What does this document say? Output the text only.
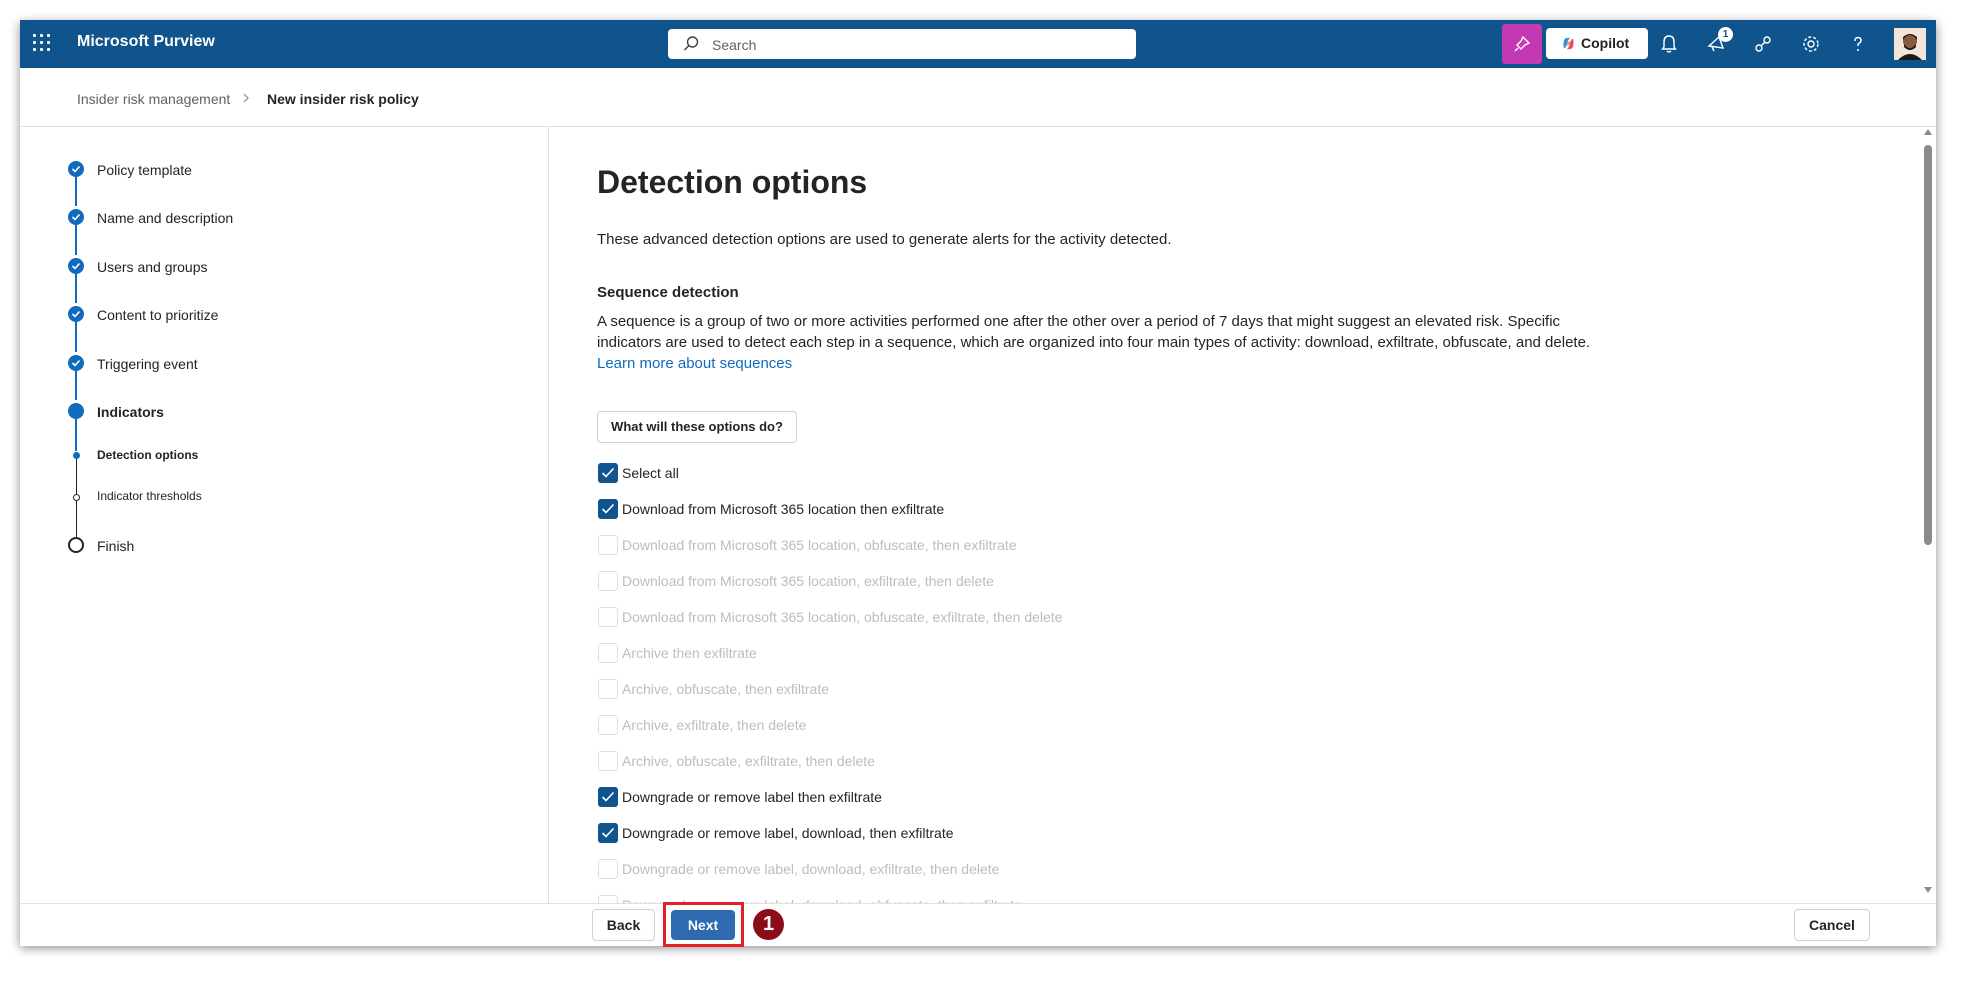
Microsoft Purview
Search	Copilot
1
Insider risk management	New insider risk policy
Policy template
Name and description
Users and groups
Content to prioritize
Triggering event
Indicators
Detection options
Indicator thresholds
Finish
Detection options
These advanced detection options are used to generate alerts for the activity detected.
Sequence detection
A sequence is a group of two or more activities performed one after the other over a period of 7 days that might suggest an elevated risk. Specific indicators are used to detect each step in a sequence, which are organized into four main types of activity: download, exfiltrate, obfuscate, and delete. Learn more about sequences
What will these options do?
Select all
Download from Microsoft 365 location then exfiltrate
Download from Microsoft 365 location, obfuscate, then exfiltrate
Download from Microsoft 365 location, exfiltrate, then delete
Download from Microsoft 365 location, obfuscate, exfiltrate, then delete
Archive then exfiltrate
Archive, obfuscate, then exfiltrate
Archive, exfiltrate, then delete
Archive, obfuscate, exfiltrate, then delete
Downgrade or remove label then exfiltrate
Downgrade or remove label, download, then exfiltrate
Downgrade or remove label, download, exfiltrate, then delete
Back	Next	1	Cancel
